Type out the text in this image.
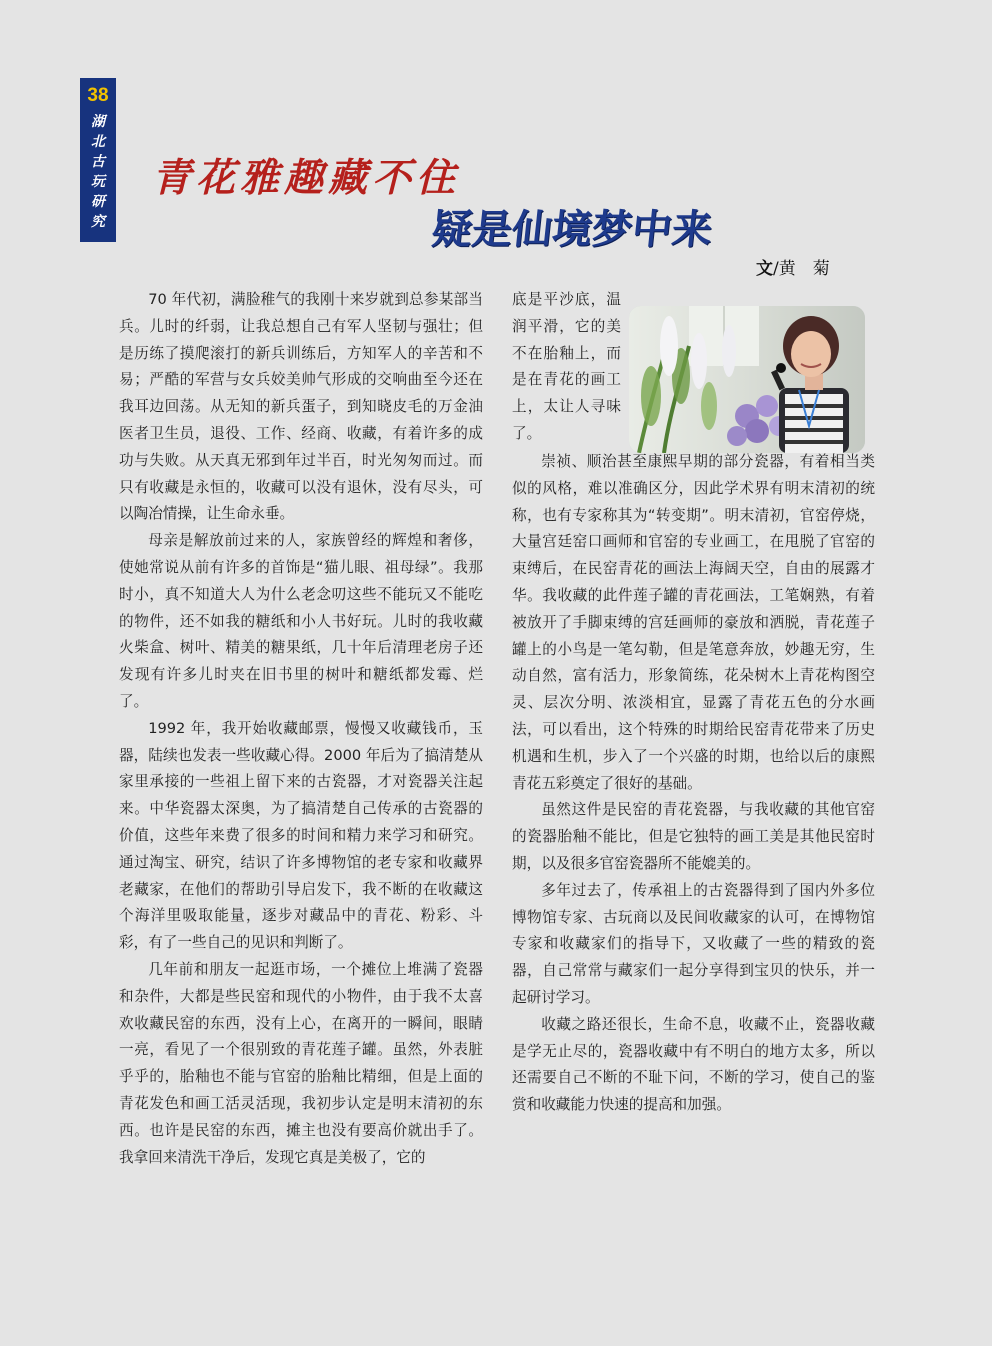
38
湖北古玩研究
青花雅趣藏不住
疑是仙境梦中来
文/黄　菊

70 年代初，满脸稚气的我刚十来岁就到总参某部当兵。儿时的纤弱，让我总想自己有军人坚韧与强壮；但是历练了摸爬滚打的新兵训练后，方知军人的辛苦和不易；严酷的军营与女兵姣美帅气形成的交响曲至今还在我耳边回荡。从无知的新兵蛋子，到知晓皮毛的万金油医者卫生员，退役、工作、经商、收藏，有着许多的成功与失败。从天真无邪到年过半百，时光匆匆而过。而只有收藏是永恒的，收藏可以没有退休，没有尽头，可以陶冶情操，让生命永垂。

母亲是解放前过来的人，家族曾经的辉煌和奢侈，使她常说从前有许多的首饰是“猫儿眼、祖母绿”。我那时小，真不知道大人为什么老念叨这些不能玩又不能吃的物件，还不如我的糖纸和小人书好玩。儿时的我收藏火柴盒、树叶、精美的糖果纸，几十年后清理老房子还发现有许多儿时夹在旧书里的树叶和糖纸都发霉、烂了。

1992 年，我开始收藏邮票，慢慢又收藏钱币，玉器，陆续也发表一些收藏心得。2000 年后为了搞清楚从家里承接的一些祖上留下来的古瓷器，才对瓷器关注起来。中华瓷器太深奥，为了搞清楚自己传承的古瓷器的价值，这些年来费了很多的时间和精力来学习和研究。通过淘宝、研究，结识了许多博物馆的老专家和收藏界老藏家，在他们的帮助引导启发下，我不断的在收藏这个海洋里吸取能量，逐步对藏品中的青花、粉彩、斗彩，有了一些自己的见识和判断了。

几年前和朋友一起逛市场，一个摊位上堆满了瓷器和杂件，大都是些民窑和现代的小物件，由于我不太喜欢收藏民窑的东西，没有上心，在离开的一瞬间，眼睛一亮，看见了一个很别致的青花莲子罐。虽然，外表脏乎乎的，胎釉也不能与官窑的胎釉比精细，但是上面的青花发色和画工活灵活现，我初步认定是明末清初的东西。也许是民窑的东西，摊主也没有要高价就出手了。我拿回来清洗干净后，发现它真是美极了，它的

底是平沙底，温润平滑，它的美不在胎釉上，而是在青花的画工上，太让人寻味了。

崇祯、顺治甚至康熙早期的部分瓷器，有着相当类似的风格，难以准确区分，因此学术界有明末清初的统称，也有专家称其为“转变期”。明末清初，官窑停烧，大量宫廷窑口画师和官窑的专业画工，在甩脱了官窑的束缚后，在民窑青花的画法上海阔天空，自由的展露才华。我收藏的此件莲子罐的青花画法，工笔娴熟，有着被放开了手脚束缚的宫廷画师的豪放和洒脱，青花莲子罐上的小鸟是一笔勾勒，但是笔意奔放，妙趣无穷，生动自然，富有活力，形象简练，花朵树木上青花构图空灵、层次分明、浓淡相宜，显露了青花五色的分水画法，可以看出，这个特殊的时期给民窑青花带来了历史机遇和生机，步入了一个兴盛的时期，也给以后的康熙青花五彩奠定了很好的基础。

虽然这件是民窑的青花瓷器，与我收藏的其他官窑的瓷器胎釉不能比，但是它独特的画工美是其他民窑时期，以及很多官窑瓷器所不能媲美的。

多年过去了，传承祖上的古瓷器得到了国内外多位博物馆专家、古玩商以及民间收藏家的认可，在博物馆专家和收藏家们的指导下，又收藏了一些的精致的瓷器，自己常常与藏家们一起分享得到宝贝的快乐，并一起研讨学习。

收藏之路还很长，生命不息，收藏不止，瓷器收藏是学无止尽的，瓷器收藏中有不明白的地方太多，所以还需要自己不断的不耻下问，不断的学习，使自己的鉴赏和收藏能力快速的提高和加强。
